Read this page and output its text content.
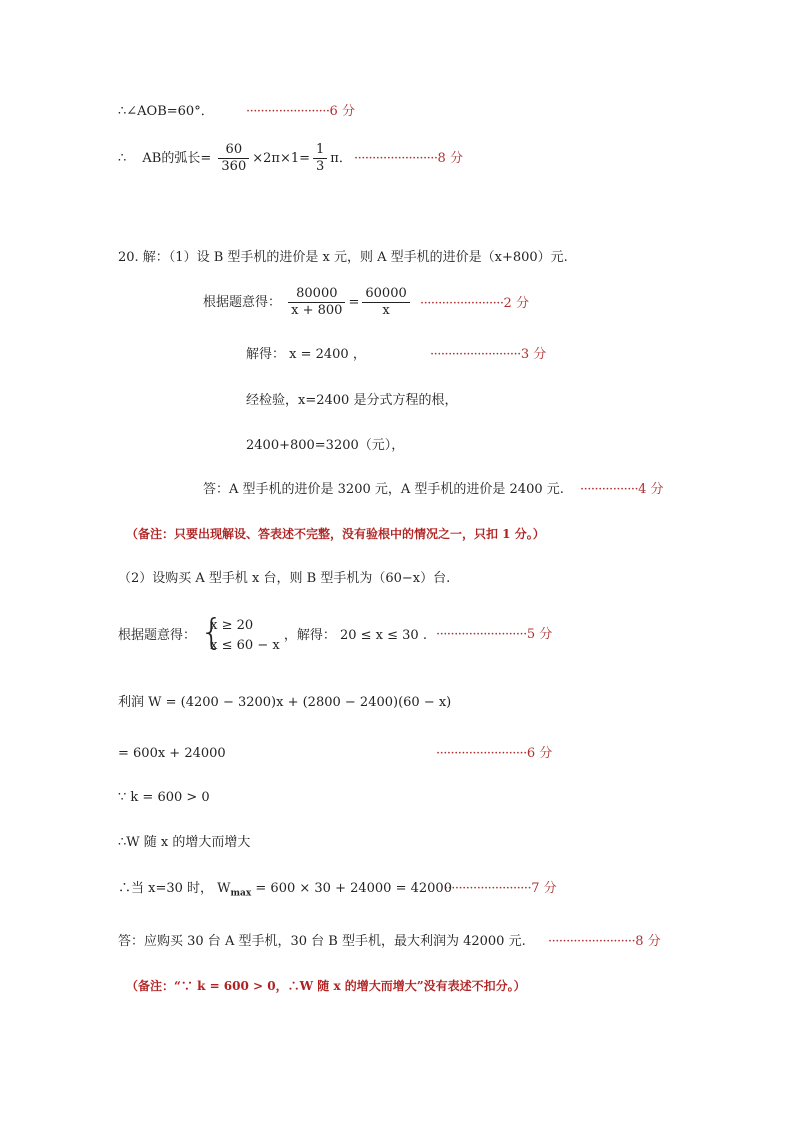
∴∠AOB=60°． ·······················6 分
∴ AB的弧长= $\frac{60}{360} \times 2\pi\times 1= \frac{1}{3}$ π． ·······················8 分
20. 解：（1）设 B 型手机的进价是 x 元，则 A 型手机的进价是（x+800）元.
根据题意得： $\frac{80000}{x + 800} = \frac{60000}{x} \cdot\cdot\cdot\cdot\cdot\cdot\cdot\cdot\cdot\cdot\cdot\cdot\cdot\cdot\cdot\cdot\cdot\cdot\cdot\cdot\cdot\cdot\cdot 2$ 分
解得： x = 2400 ，	·························3 分
经检验，x=2400 是分式方程的根，
2400+800=3200（元），
答：A 型手机的进价是 3200 元，A 型手机的进价是 2400 元. ················4 分
（备注：只要出现解设、答表述不完整，没有验根中的情况之一，只扣 1 分。）
（2）设购买 A 型手机 x 台，则 B 型手机为（60−x）台.
根据题意得： {
x ≥ 20
x ≤ 60 − x
，解得： 20 ≤ x ≤ 30 . ·························5 分
利润 W = (4200 − 3200)x + (2800 − 2400)(60 − x)
= 600x + 24000	·························6 分
∵ k = 600 > 0
∴W 随 x 的增大而增大
∴当 x=30 时， $W_{max} = 600 \times 30 + 24000 = 42000$
························7 分
答：应购买 30 台 A 型手机，30 台 B 型手机，最大利润为 42000 元. ························8 分
（备注：“∵ k = 600 > 0，∴W 随 x 的增大而增大”没有表述不扣分。）
